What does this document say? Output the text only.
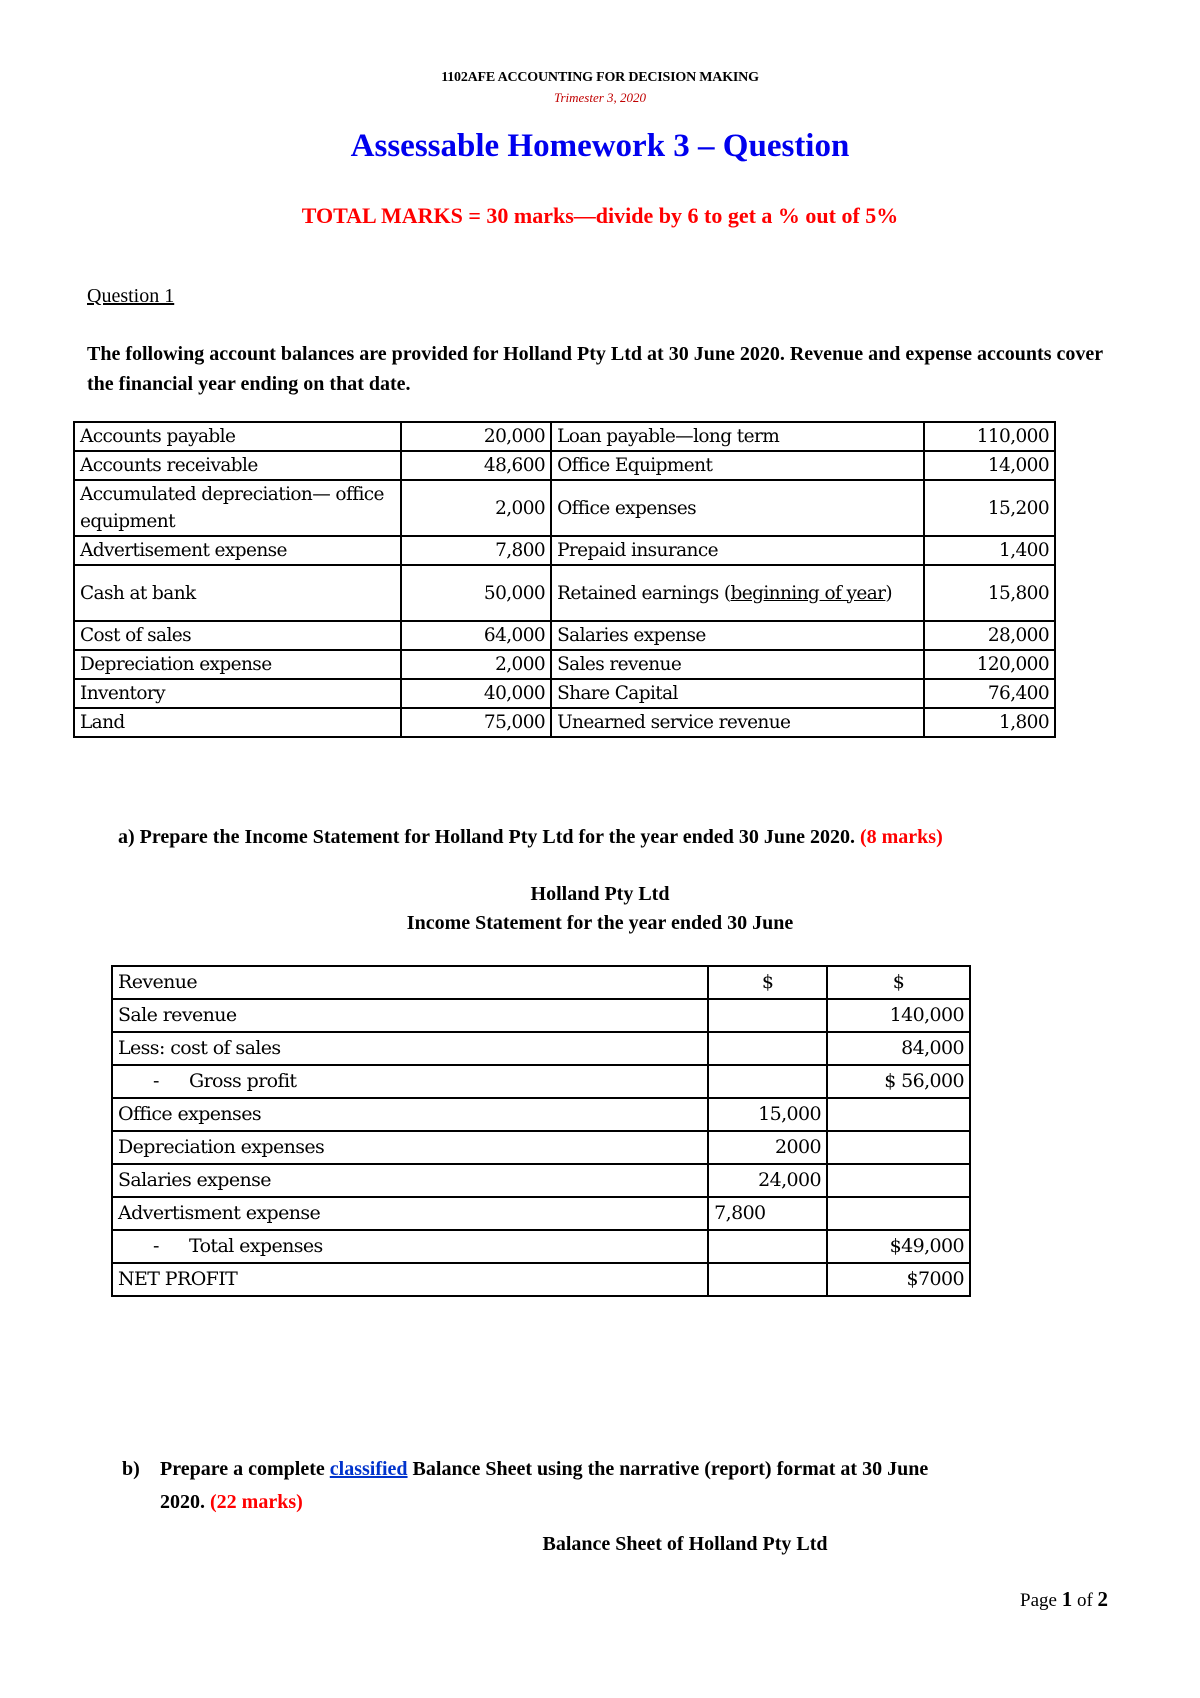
1102AFE ACCOUNTING FOR DECISION MAKING
Trimester 3, 2020
Assessable Homework 3 – Question
TOTAL MARKS = 30 marks—divide by 6 to get a % out of 5%
Question 1
The following account balances are provided for Holland Pty Ltd at 30 June 2020. Revenue and expense accounts cover the financial year ending on that date.
Accounts payable	20,000	Loan payable—long term	110,000
Accounts receivable	48,600	Office Equipment	14,000
Accumulated depreciation— office equipment	2,000	Office expenses	15,200
Advertisement expense	7,800	Prepaid insurance	1,400
Cash at bank	50,000	Retained earnings (beginning of year)	15,800
Cost of sales	64,000	Salaries expense	28,000
Depreciation expense	2,000	Sales revenue	120,000
Inventory	40,000	Share Capital	76,400
Land	75,000	Unearned service revenue	1,800
a) Prepare the Income Statement for Holland Pty Ltd for the year ended 30 June 2020. (8 marks)
Holland Pty Ltd
Income Statement for the year ended 30 June
Revenue	$	$
Sale revenue		140,000
Less: cost of sales		84,000
- Gross profit		$ 56,000
Office expenses	15,000	
Depreciation expenses	2000	
Salaries expense	24,000	
Advertisment expense	7,800	
- Total expenses		$49,000
NET PROFIT		$7000
b) Prepare a complete classified Balance Sheet using the narrative (report) format at 30 June
2020. (22 marks)
Balance Sheet of Holland Pty Ltd
Page 1 of 2
